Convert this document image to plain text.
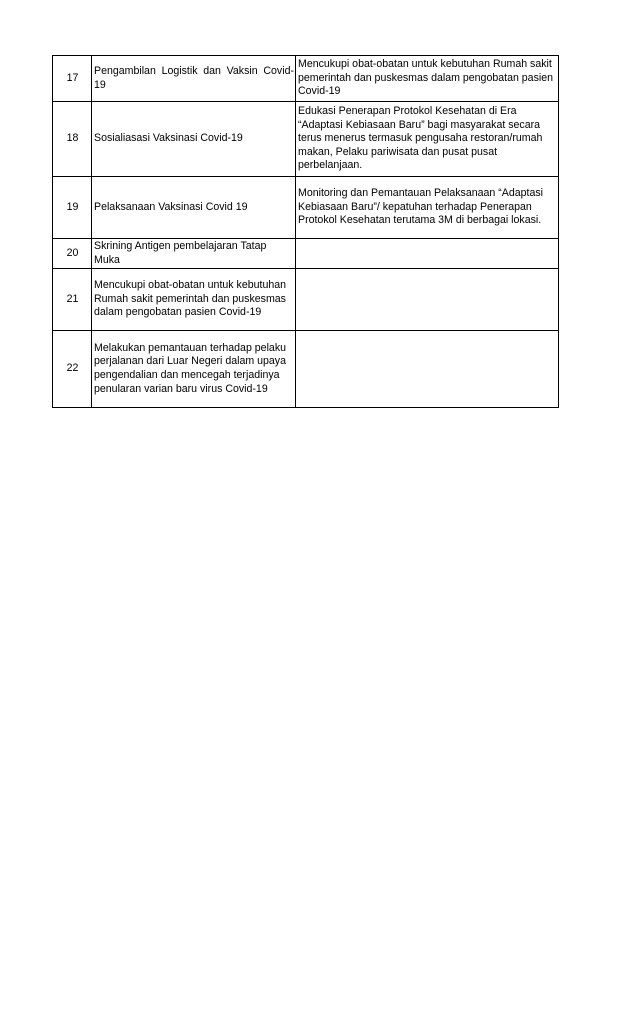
17	Pengambilan Logistik dan Vaksin Covid-19	Mencukupi obat-obatan untuk kebutuhan Rumah sakit pemerintah dan puskesmas dalam pengobatan pasien Covid-19
18	Sosialiasasi Vaksinasi Covid-19	Edukasi Penerapan Protokol Kesehatan di Era “Adaptasi Kebiasaan Baru” bagi masyarakat secara terus menerus termasuk pengusaha restoran/rumah makan, Pelaku pariwisata dan pusat pusat perbelanjaan.
19	Pelaksanaan Vaksinasi Covid 19	Monitoring dan Pemantauan Pelaksanaan “Adaptasi Kebiasaan Baru”/ kepatuhan terhadap Penerapan Protokol Kesehatan terutama 3M di berbagai lokasi.
20	Skrining Antigen pembelajaran Tatap Muka	
21	Mencukupi obat-obatan untuk kebutuhan Rumah sakit pemerintah dan puskesmas dalam pengobatan pasien Covid-19	
22	Melakukan pemantauan terhadap pelaku perjalanan dari Luar Negeri dalam upaya pengendalian dan mencegah terjadinya penularan varian baru virus Covid-19	
